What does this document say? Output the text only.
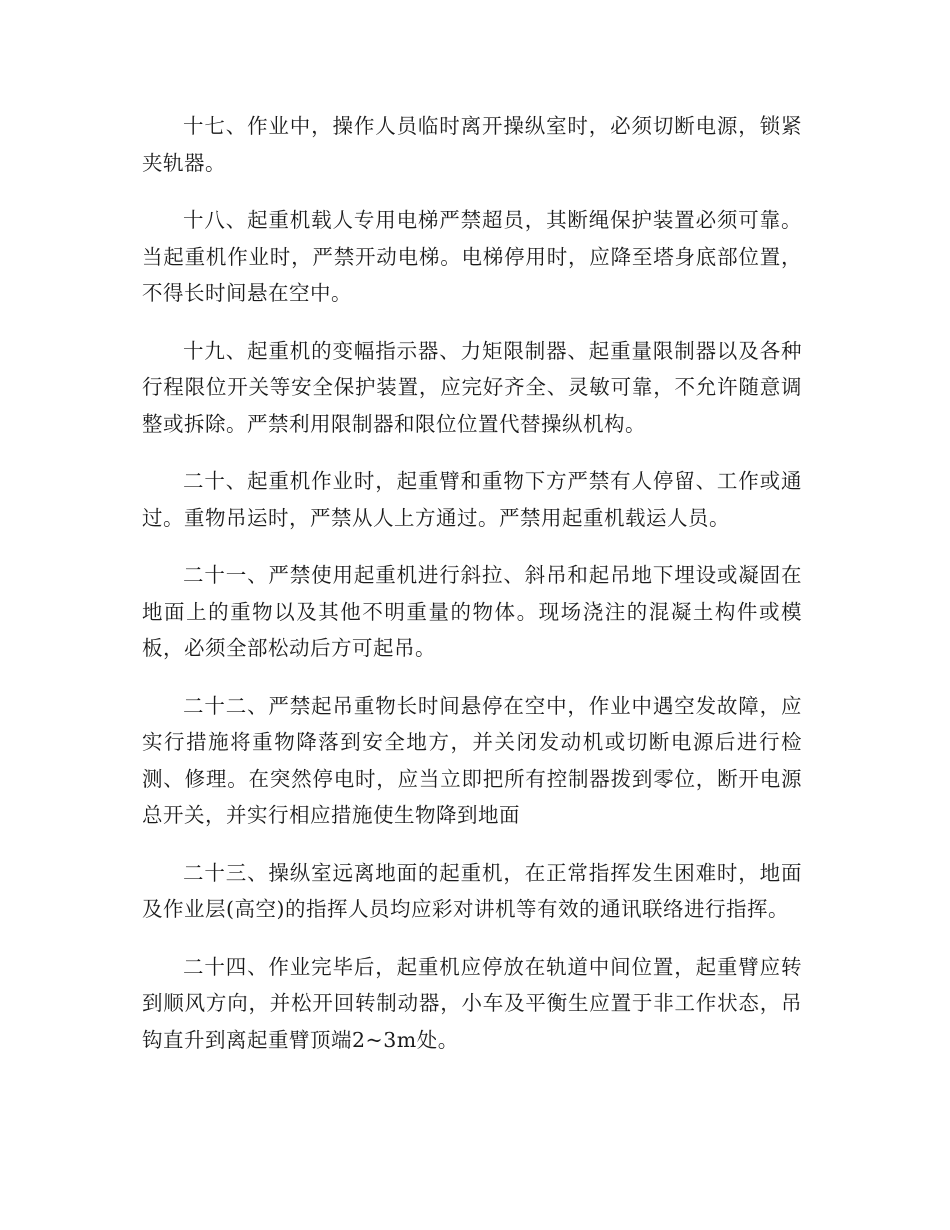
十七、作业中，操作人员临时离开操纵室时，必须切断电源，锁紧夹轨器。

十八、起重机载人专用电梯严禁超员，其断绳保护装置必须可靠。当起重机作业时，严禁开动电梯。电梯停用时，应降至塔身底部位置，不得长时间悬在空中。

十九、起重机的变幅指示器、力矩限制器、起重量限制器以及各种行程限位开关等安全保护装置，应完好齐全、灵敏可靠，不允许随意调整或拆除。严禁利用限制器和限位位置代替操纵机构。

二十、起重机作业时，起重臂和重物下方严禁有人停留、工作或通过。重物吊运时，严禁从人上方通过。严禁用起重机载运人员。

二十一、严禁使用起重机进行斜拉、斜吊和起吊地下埋设或凝固在地面上的重物以及其他不明重量的物体。现场浇注的混凝土构件或模板，必须全部松动后方可起吊。

二十二、严禁起吊重物长时间悬停在空中，作业中遇空发故障，应实行措施将重物降落到安全地方，并关闭发动机或切断电源后进行检测、修理。在突然停电时，应当立即把所有控制器拨到零位，断开电源总开关，并实行相应措施使生物降到地面

二十三、操纵室远离地面的起重机，在正常指挥发生困难时，地面及作业层(高空)的指挥人员均应彩对讲机等有效的通讯联络进行指挥。

二十四、作业完毕后，起重机应停放在轨道中间位置，起重臂应转到顺风方向，并松开回转制动器，小车及平衡生应置于非工作状态，吊钩直升到离起重臂顶端2~3m处。
